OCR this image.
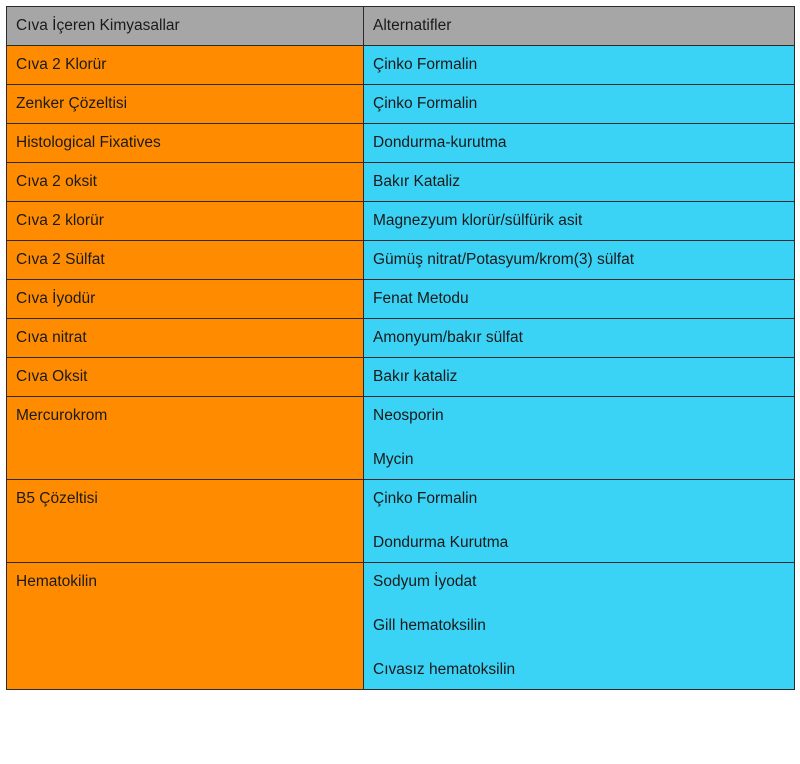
Cıva İçeren Kimyasallar	Alternatifler
Cıva 2 Klorür	Çinko Formalin

Zenker Çözeltisi	Çinko Formalin

Histological Fixatives	Dondurma-kurutma

Cıva 2 oksit	Bakır Kataliz

Cıva 2 klorür	Magnezyum klorür/sülfürik asit

Cıva 2 Sülfat	Gümüş nitrat/Potasyum/krom(3) sülfat

Cıva İyodür	Fenat Metodu

Cıva nitrat	Amonyum/bakır sülfat

Cıva Oksit	Bakır kataliz

Mercurokrom	Neosporin
Mycin

B5 Çözeltisi	Çinko Formalin
Dondurma Kurutma

Hematokilin	Sodyum İyodat
Gill hematoksilin
Cıvasız hematoksilin
